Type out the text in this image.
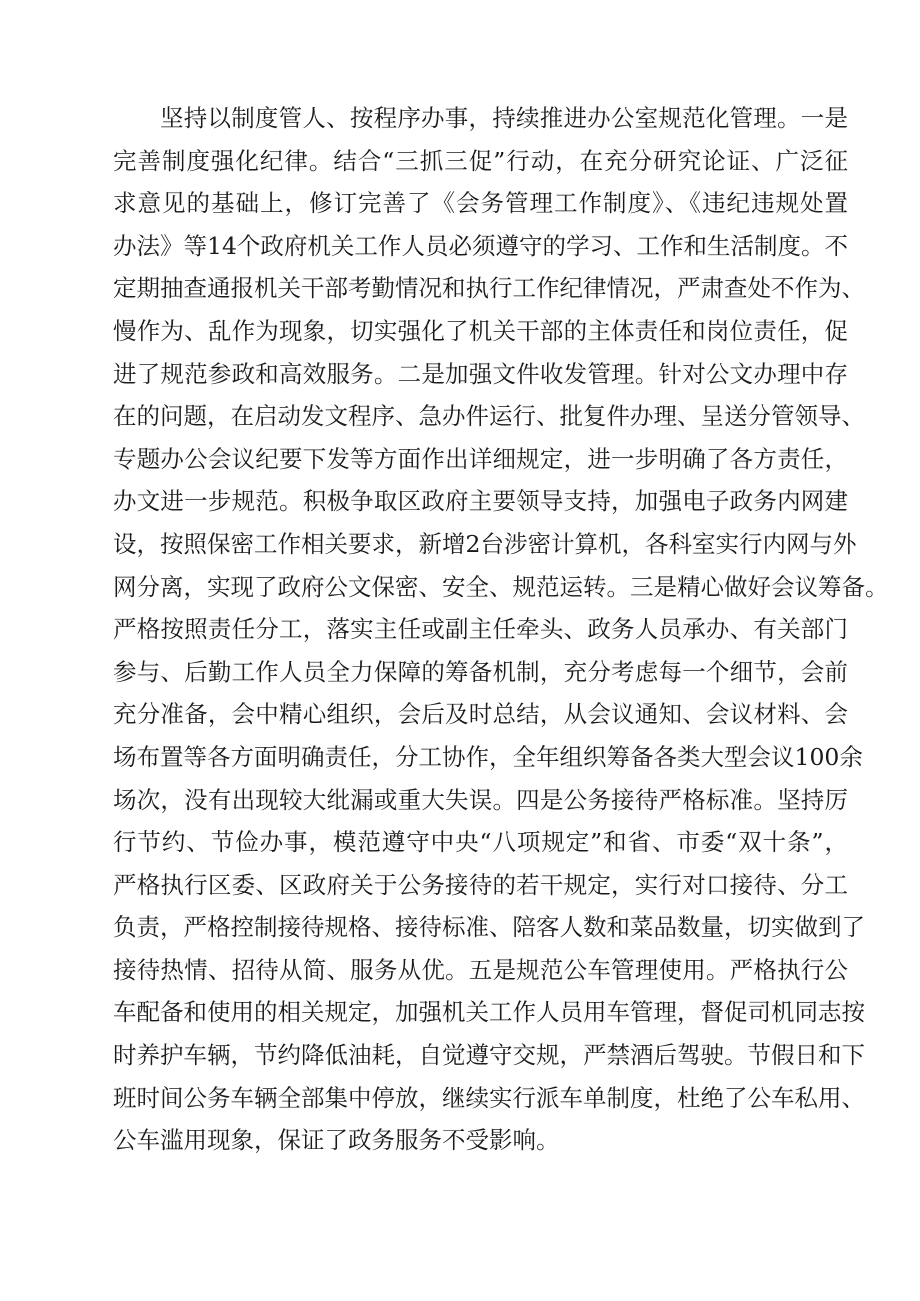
坚持以制度管人、按程序办事，持续推进办公室规范化管理。一是
完善制度强化纪律。结合“三抓三促”行动，在充分研究论证、广泛征
求意见的基础上，修订完善了《会务管理工作制度》、《违纪违规处置
办法》等14个政府机关工作人员必须遵守的学习、工作和生活制度。不
定期抽查通报机关干部考勤情况和执行工作纪律情况，严肃查处不作为、
慢作为、乱作为现象，切实强化了机关干部的主体责任和岗位责任，促
进了规范参政和高效服务。二是加强文件收发管理。针对公文办理中存
在的问题，在启动发文程序、急办件运行、批复件办理、呈送分管领导、
专题办公会议纪要下发等方面作出详细规定，进一步明确了各方责任，
办文进一步规范。积极争取区政府主要领导支持，加强电子政务内网建
设，按照保密工作相关要求，新增2台涉密计算机，各科室实行内网与外
网分离，实现了政府公文保密、安全、规范运转。三是精心做好会议筹备。
严格按照责任分工，落实主任或副主任牵头、政务人员承办、有关部门
参与、后勤工作人员全力保障的筹备机制，充分考虑每一个细节，会前
充分准备，会中精心组织，会后及时总结，从会议通知、会议材料、会
场布置等各方面明确责任，分工协作，全年组织筹备各类大型会议100余
场次，没有出现较大纰漏或重大失误。四是公务接待严格标准。坚持厉
行节约、节俭办事，模范遵守中央“八项规定”和省、市委“双十条”，
严格执行区委、区政府关于公务接待的若干规定，实行对口接待、分工
负责，严格控制接待规格、接待标准、陪客人数和菜品数量，切实做到了
接待热情、招待从简、服务从优。五是规范公车管理使用。严格执行公
车配备和使用的相关规定，加强机关工作人员用车管理，督促司机同志按
时养护车辆，节约降低油耗，自觉遵守交规，严禁酒后驾驶。节假日和下
班时间公务车辆全部集中停放，继续实行派车单制度，杜绝了公车私用、
公车滥用现象，保证了政务服务不受影响。
